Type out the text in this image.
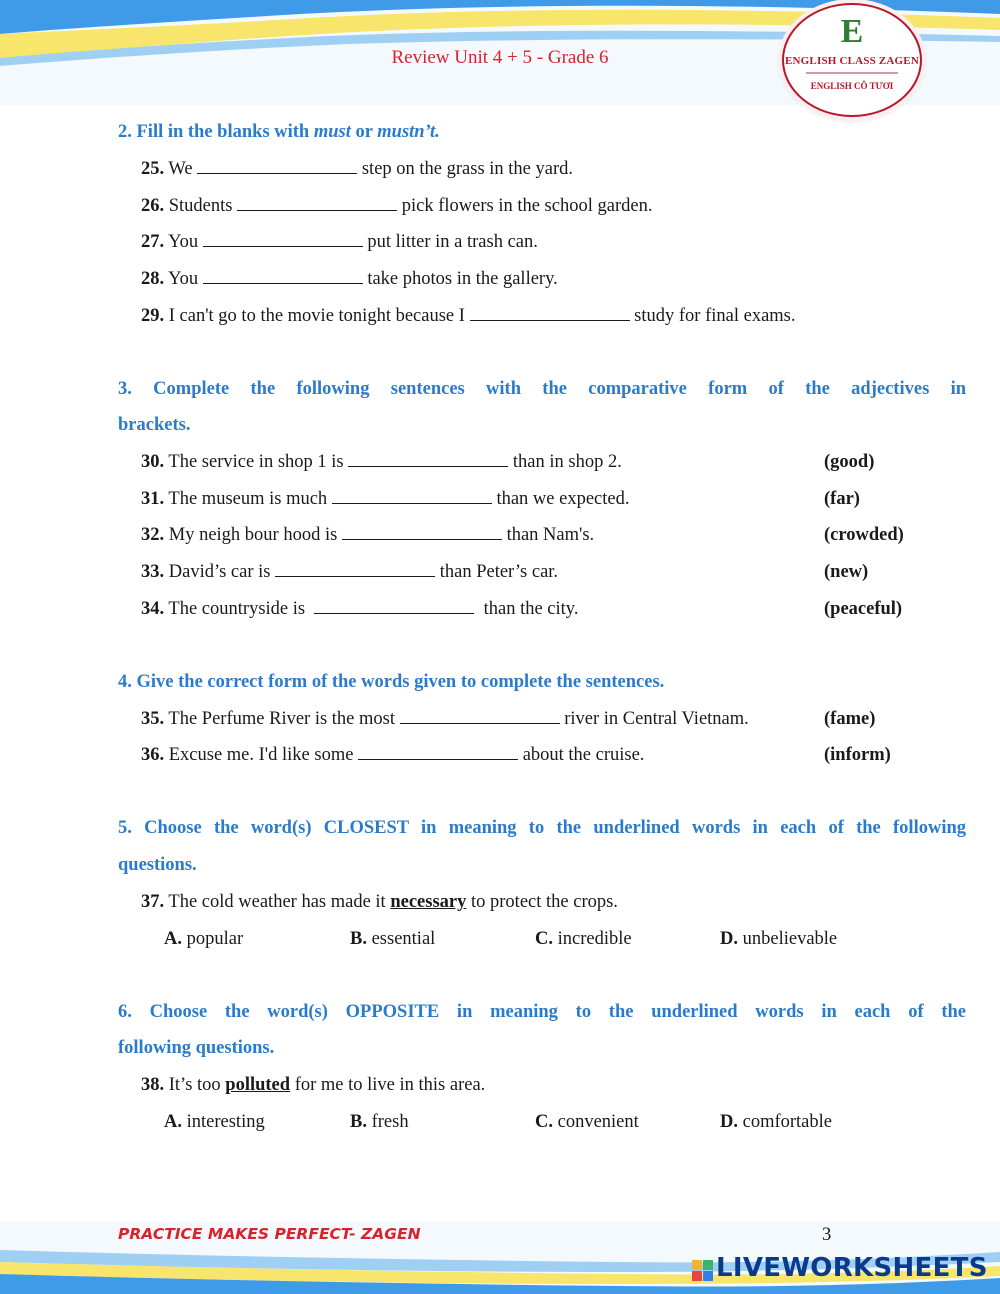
Review Unit 4 + 5 - Grade 6
E
ENGLISH CLASS ZAGEN
ENGLISH CÔ TƯƠI
2. Fill in the blanks with must or mustn’t.
25. We	step on the grass in the yard.
26. Students	pick flowers in the school garden.
27. You	put litter in a trash can.
28. You	take photos in the gallery.
29. I can't go to the movie tonight because I	study for final exams.
3. Complete the following sentences with the comparative form of the adjectives in
brackets.
30. The service in shop 1 is	than in shop 2.	(good)
31. The museum is much	than we expected.	(far)
32. My neigh bour hood is	than Nam's.	(crowded)
33. David’s car is	than Peter’s car.	(new)
34. The countryside is	than the city.	(peaceful)
4. Give the correct form of the words given to complete the sentences.
35. The Perfume River is the most	river in Central Vietnam.	(fame)
36. Excuse me. I'd like some	about the cruise.	(inform)
5. Choose the word(s) CLOSEST in meaning to the underlined words in each of the following
questions.
37. The cold weather has made it necessary to protect the crops.
A. popular	B. essential	C. incredible	D. unbelievable
6. Choose the word(s) OPPOSITE in meaning to the underlined words in each of the
following questions.
38. It’s too polluted for me to live in this area.
A. interesting	B. fresh	C. convenient	D. comfortable
PRACTICE MAKES PERFECT- ZAGEN	3
LIVEWORKSHEETS
